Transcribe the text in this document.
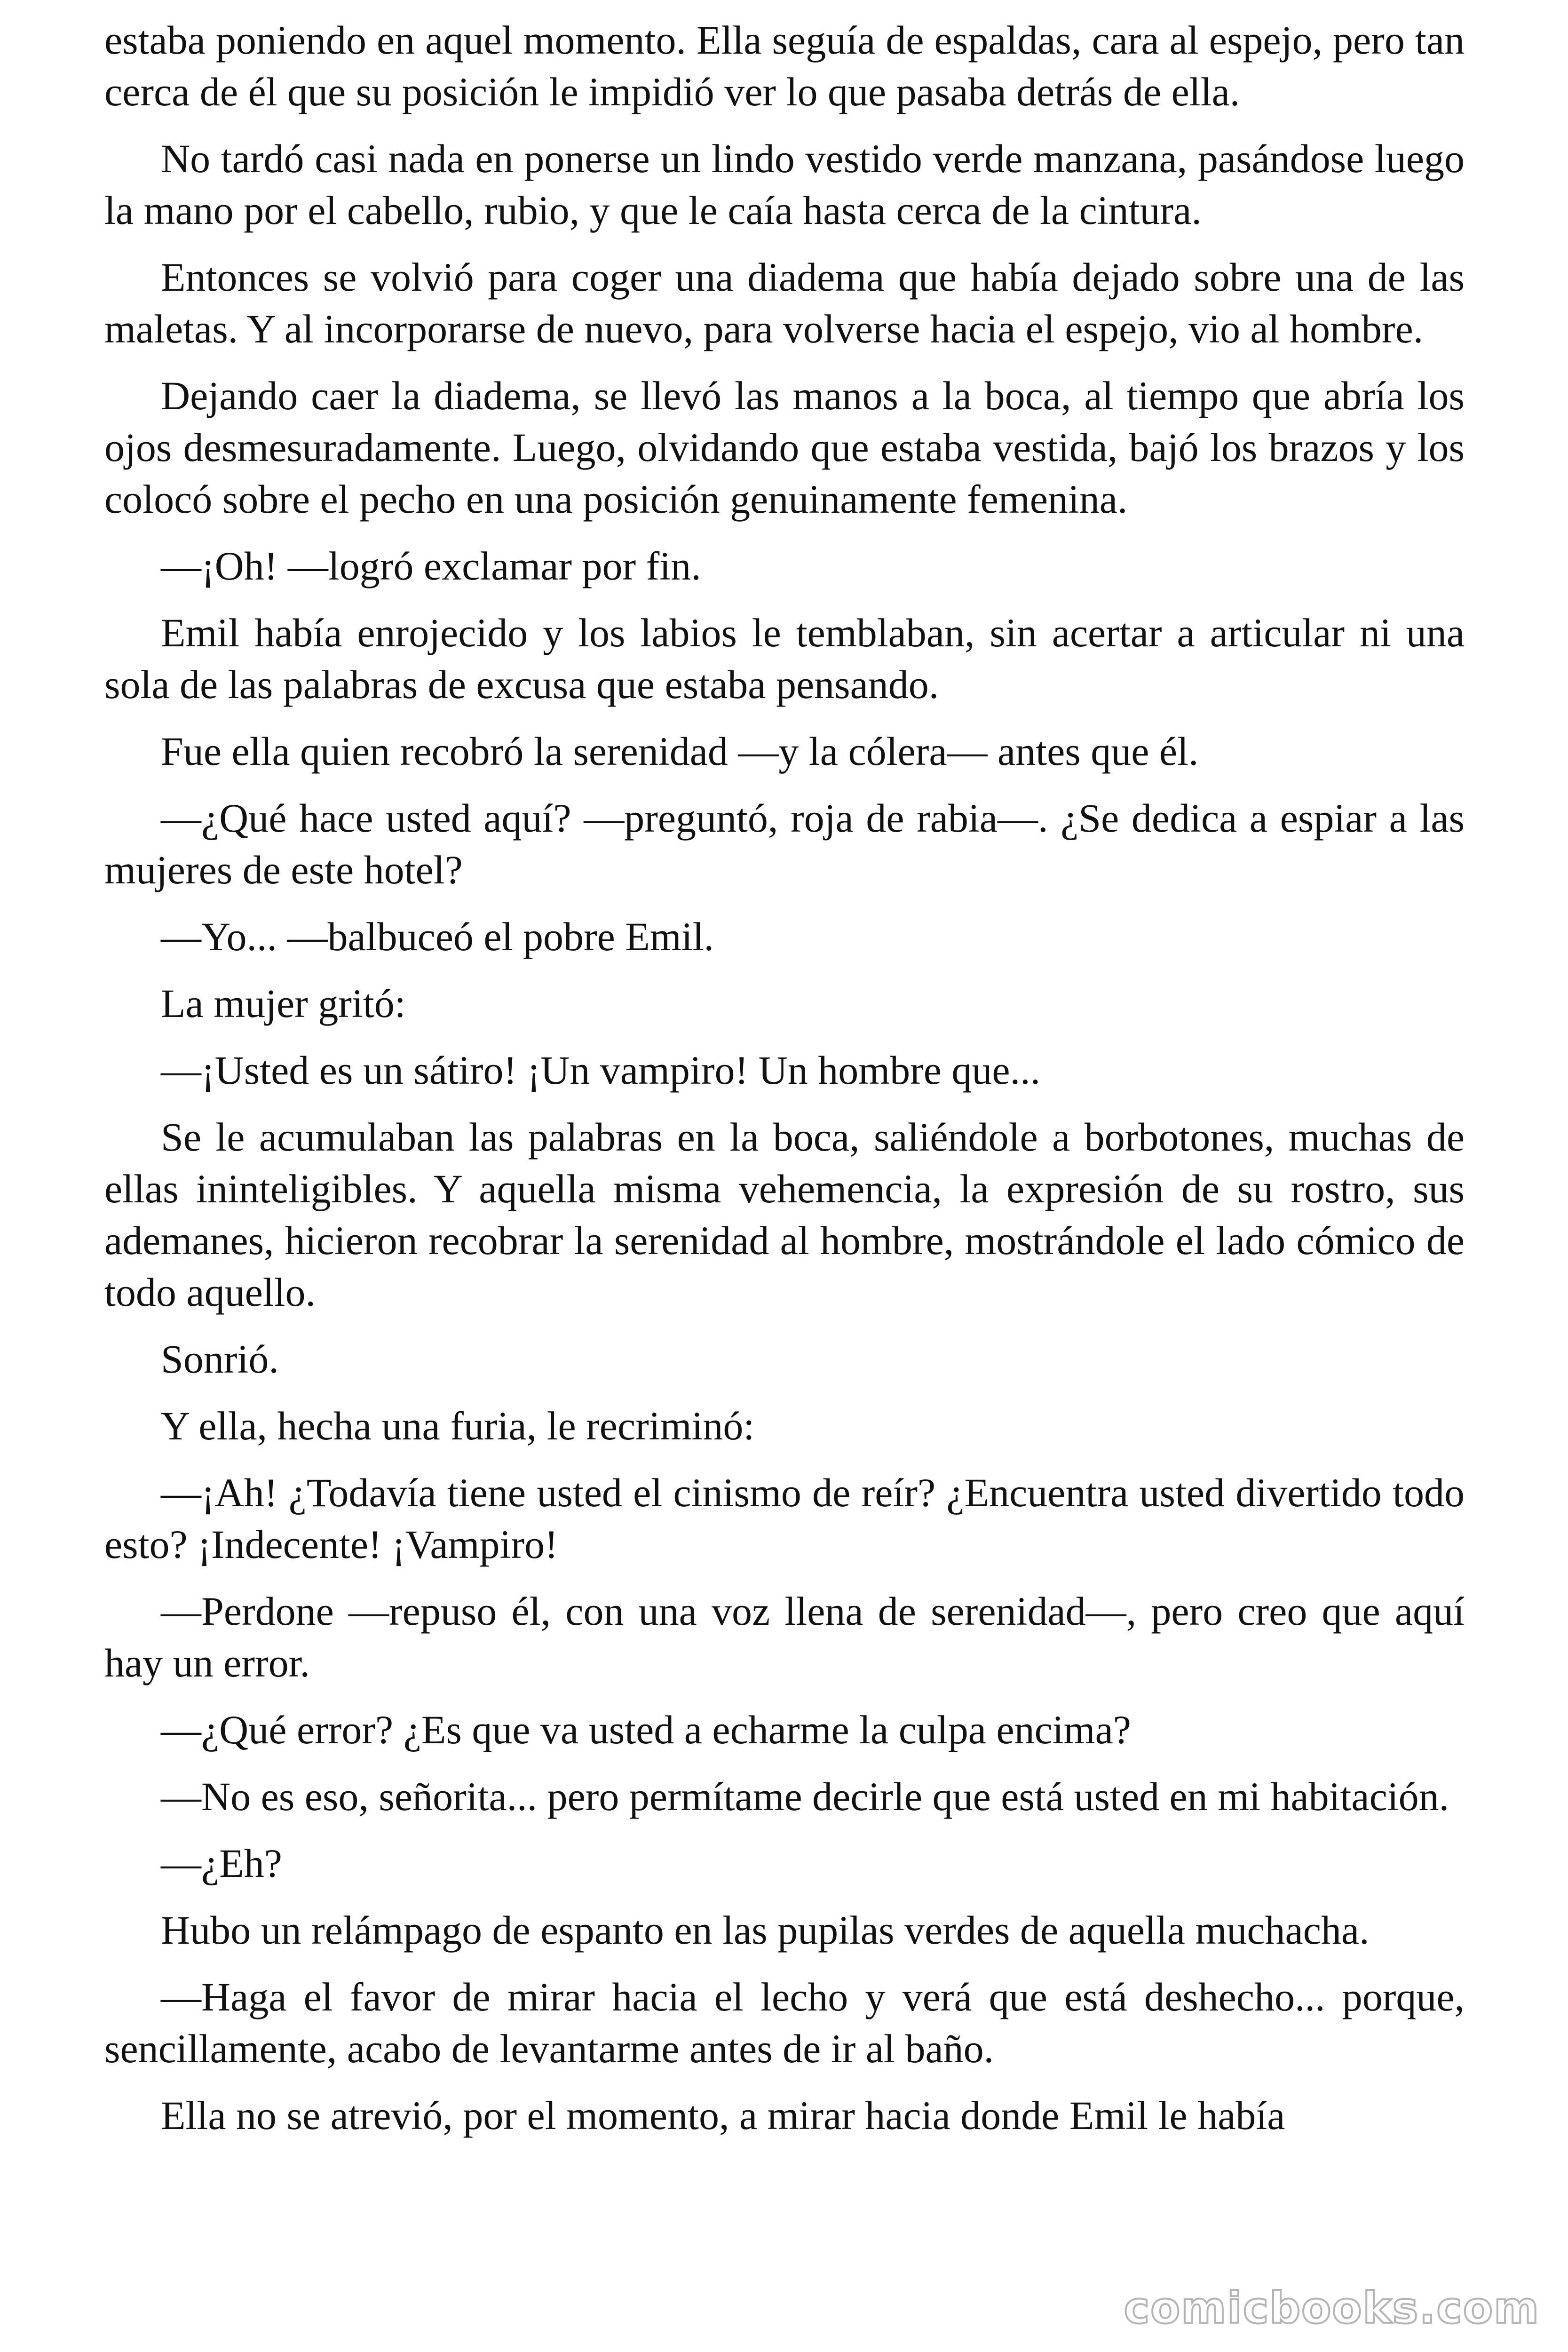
estaba poniendo en aquel momento. Ella seguía de espaldas, cara al espejo, pero tan cerca de él que su posición le impidió ver lo que pasaba detrás de ella.

No tardó casi nada en ponerse un lindo vestido verde manzana, pasándose luego la mano por el cabello, rubio, y que le caía hasta cerca de la cintura.

Entonces se volvió para coger una diadema que había dejado sobre una de las maletas. Y al incorporarse de nuevo, para volverse hacia el espejo, vio al hombre.

Dejando caer la diadema, se llevó las manos a la boca, al tiempo que abría los ojos desmesuradamente. Luego, olvidando que estaba vestida, bajó los brazos y los colocó sobre el pecho en una posición genuinamente femenina.

—¡Oh! —logró exclamar por fin.

Emil había enrojecido y los labios le temblaban, sin acertar a articular ni una sola de las palabras de excusa que estaba pensando.

Fue ella quien recobró la serenidad —y la cólera— antes que él.

—¿Qué hace usted aquí? —preguntó, roja de rabia—. ¿Se dedica a espiar a las mujeres de este hotel?

—Yo... —balbuceó el pobre Emil.

La mujer gritó:

—¡Usted es un sátiro! ¡Un vampiro! Un hombre que...

Se le acumulaban las palabras en la boca, saliéndole a borbotones, muchas de ellas ininteligibles. Y aquella misma vehemencia, la expresión de su rostro, sus ademanes, hicieron recobrar la serenidad al hombre, mostrándole el lado cómico de todo aquello.

Sonrió.

Y ella, hecha una furia, le recriminó:

—¡Ah! ¿Todavía tiene usted el cinismo de reír? ¿Encuentra usted divertido todo esto? ¡Indecente! ¡Vampiro!

—Perdone —repuso él, con una voz llena de serenidad—, pero creo que aquí hay un error.

—¿Qué error? ¿Es que va usted a echarme la culpa encima?

—No es eso, señorita... pero permítame decirle que está usted en mi habitación.

—¿Eh?

Hubo un relámpago de espanto en las pupilas verdes de aquella muchacha.

—Haga el favor de mirar hacia el lecho y verá que está deshecho... porque, sencillamente, acabo de levantarme antes de ir al baño.

Ella no se atrevió, por el momento, a mirar hacia donde Emil le había

comicbooks.com
